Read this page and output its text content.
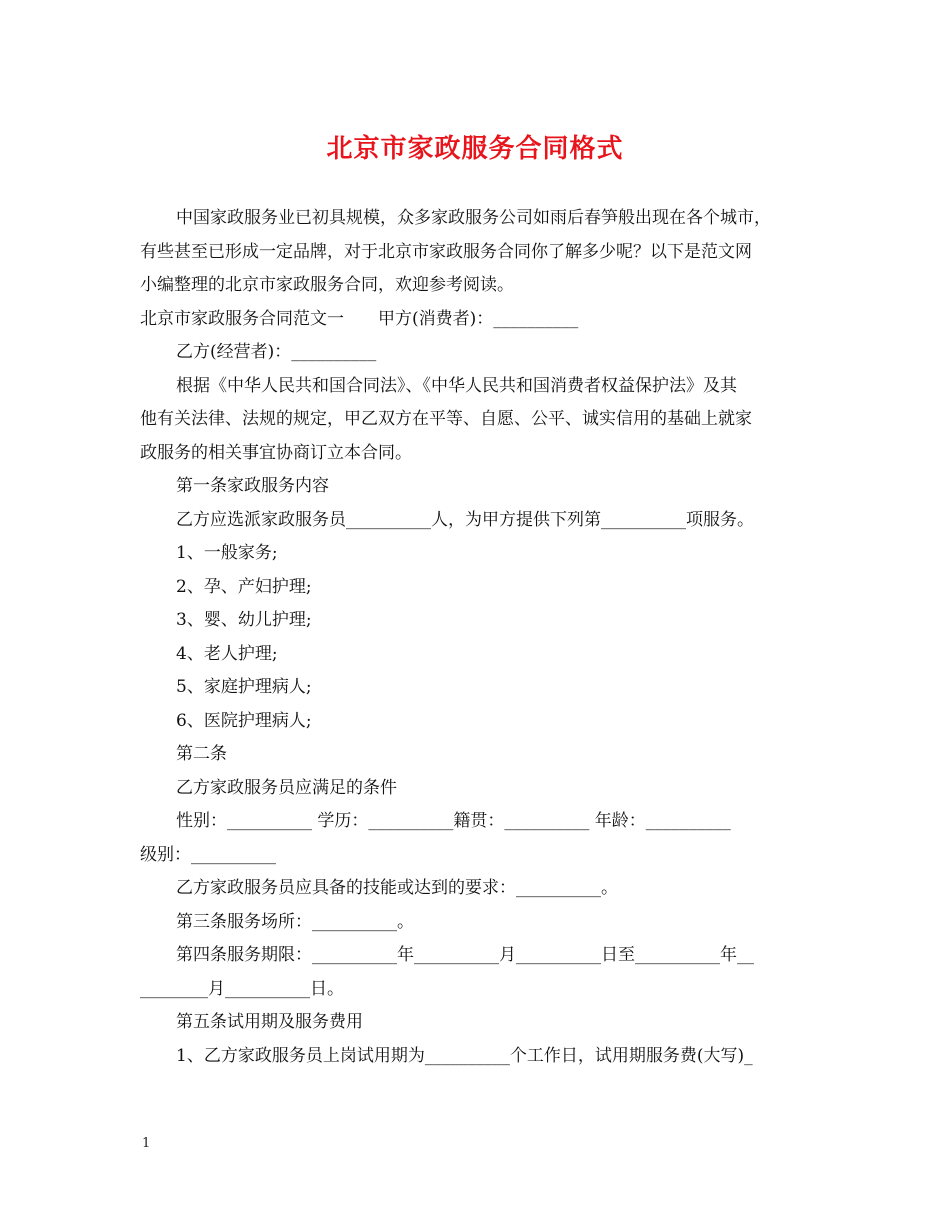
北京市家政服务合同格式

中国家政服务业已初具规模，众多家政服务公司如雨后春笋般出现在各个城市，

有些甚至已形成一定品牌，对于北京市家政服务合同你了解多少呢？以下是范文网

小编整理的北京市家政服务合同，欢迎参考阅读。

北京市家政服务合同范文一　　甲方(消费者)：__________

乙方(经营者)：__________

根据《中华人民共和国合同法》、《中华人民共和国消费者权益保护法》及其

他有关法律、法规的规定，甲乙双方在平等、自愿、公平、诚实信用的基础上就家

政服务的相关事宜协商订立本合同。

第一条家政服务内容

乙方应选派家政服务员__________人，为甲方提供下列第__________项服务。

1、一般家务;

2、孕、产妇护理;

3、婴、幼儿护理;

4、老人护理;

5、家庭护理病人;

6、医院护理病人;

第二条

乙方家政服务员应满足的条件

性别：__________ 学历：__________籍贯：__________ 年龄：__________

级别：__________

乙方家政服务员应具备的技能或达到的要求：__________。

第三条服务场所：__________。

第四条服务期限：__________年__________月__________日至__________年__

________月__________日。

第五条试用期及服务费用

1、乙方家政服务员上岗试用期为__________个工作日，试用期服务费(大写)_

1
